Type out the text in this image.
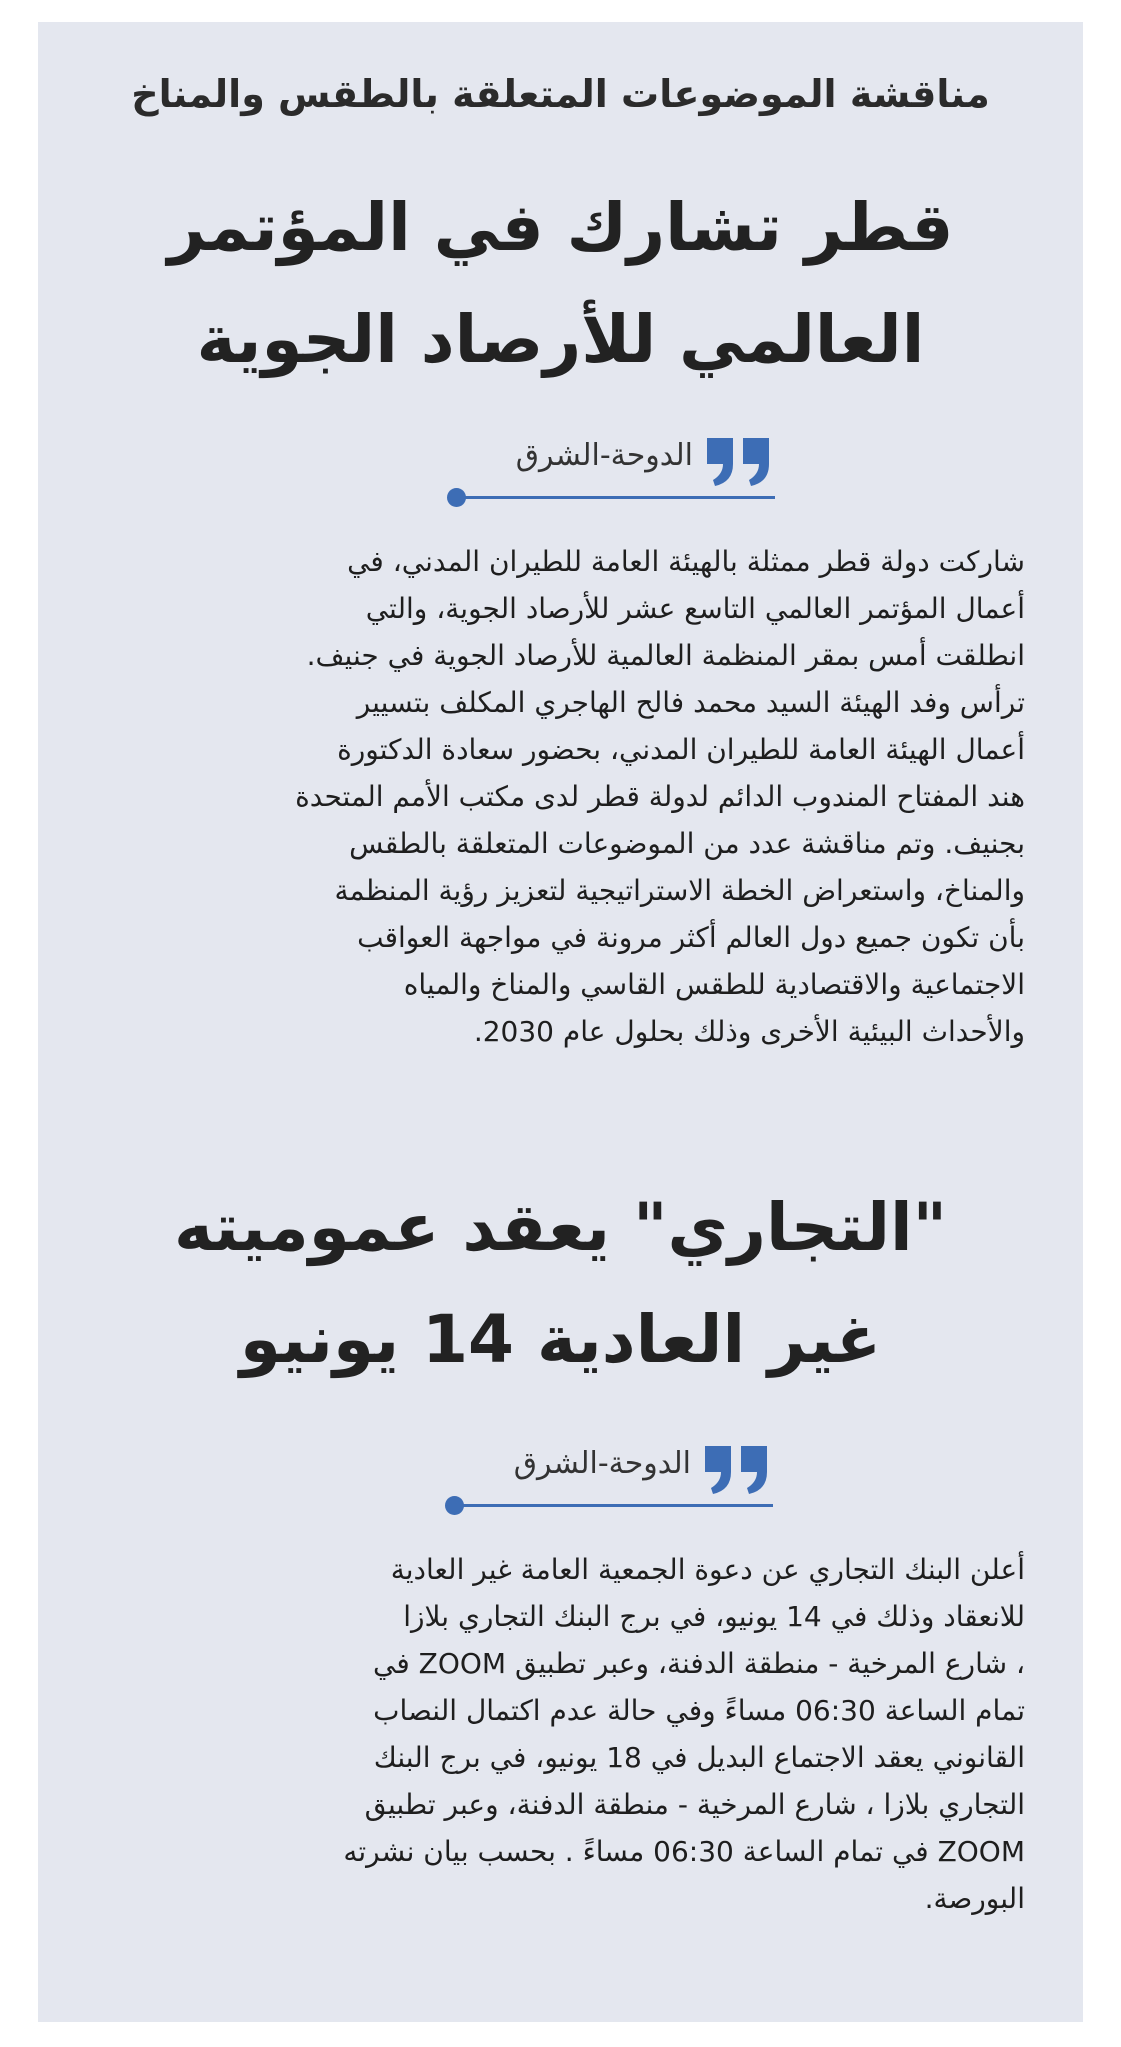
مناقشة الموضوعات المتعلقة بالطقس والمناخ
قطر تشارك في المؤتمر
العالمي للأرصاد الجوية
الدوحة-الشرق
شاركت دولة قطر ممثلة بالهيئة العامة للطيران المدني، في
أعمال المؤتمر العالمي التاسع عشر للأرصاد الجوية، والتي
انطلقت أمس بمقر المنظمة العالمية للأرصاد الجوية في جنيف.
ترأس وفد الهيئة السيد محمد فالح الهاجري المكلف بتسيير
أعمال الهيئة العامة للطيران المدني، بحضور سعادة الدكتورة
هند المفتاح المندوب الدائم لدولة قطر لدى مكتب الأمم المتحدة
بجنيف. وتم مناقشة عدد من الموضوعات المتعلقة بالطقس
والمناخ، واستعراض الخطة الاستراتيجية لتعزيز رؤية المنظمة
بأن تكون جميع دول العالم أكثر مرونة في مواجهة العواقب
الاجتماعية والاقتصادية للطقس القاسي والمناخ والمياه
والأحداث البيئية الأخرى وذلك بحلول عام 2030.
"التجاري" يعقد عموميته
غير العادية 14 يونيو
الدوحة-الشرق
أعلن البنك التجاري عن دعوة الجمعية العامة غير العادية
للانعقاد وذلك في 14 يونيو، في برج البنك التجاري بلازا
، شارع المرخية - منطقة الدفنة، وعبر تطبيق ZOOM في
تمام الساعة 06:30 مساءً وفي حالة عدم اكتمال النصاب
القانوني يعقد الاجتماع البديل في 18 يونيو، في برج البنك
التجاري بلازا ، شارع المرخية - منطقة الدفنة، وعبر تطبيق
ZOOM في تمام الساعة 06:30 مساءً . بحسب بيان نشرته
البورصة.
